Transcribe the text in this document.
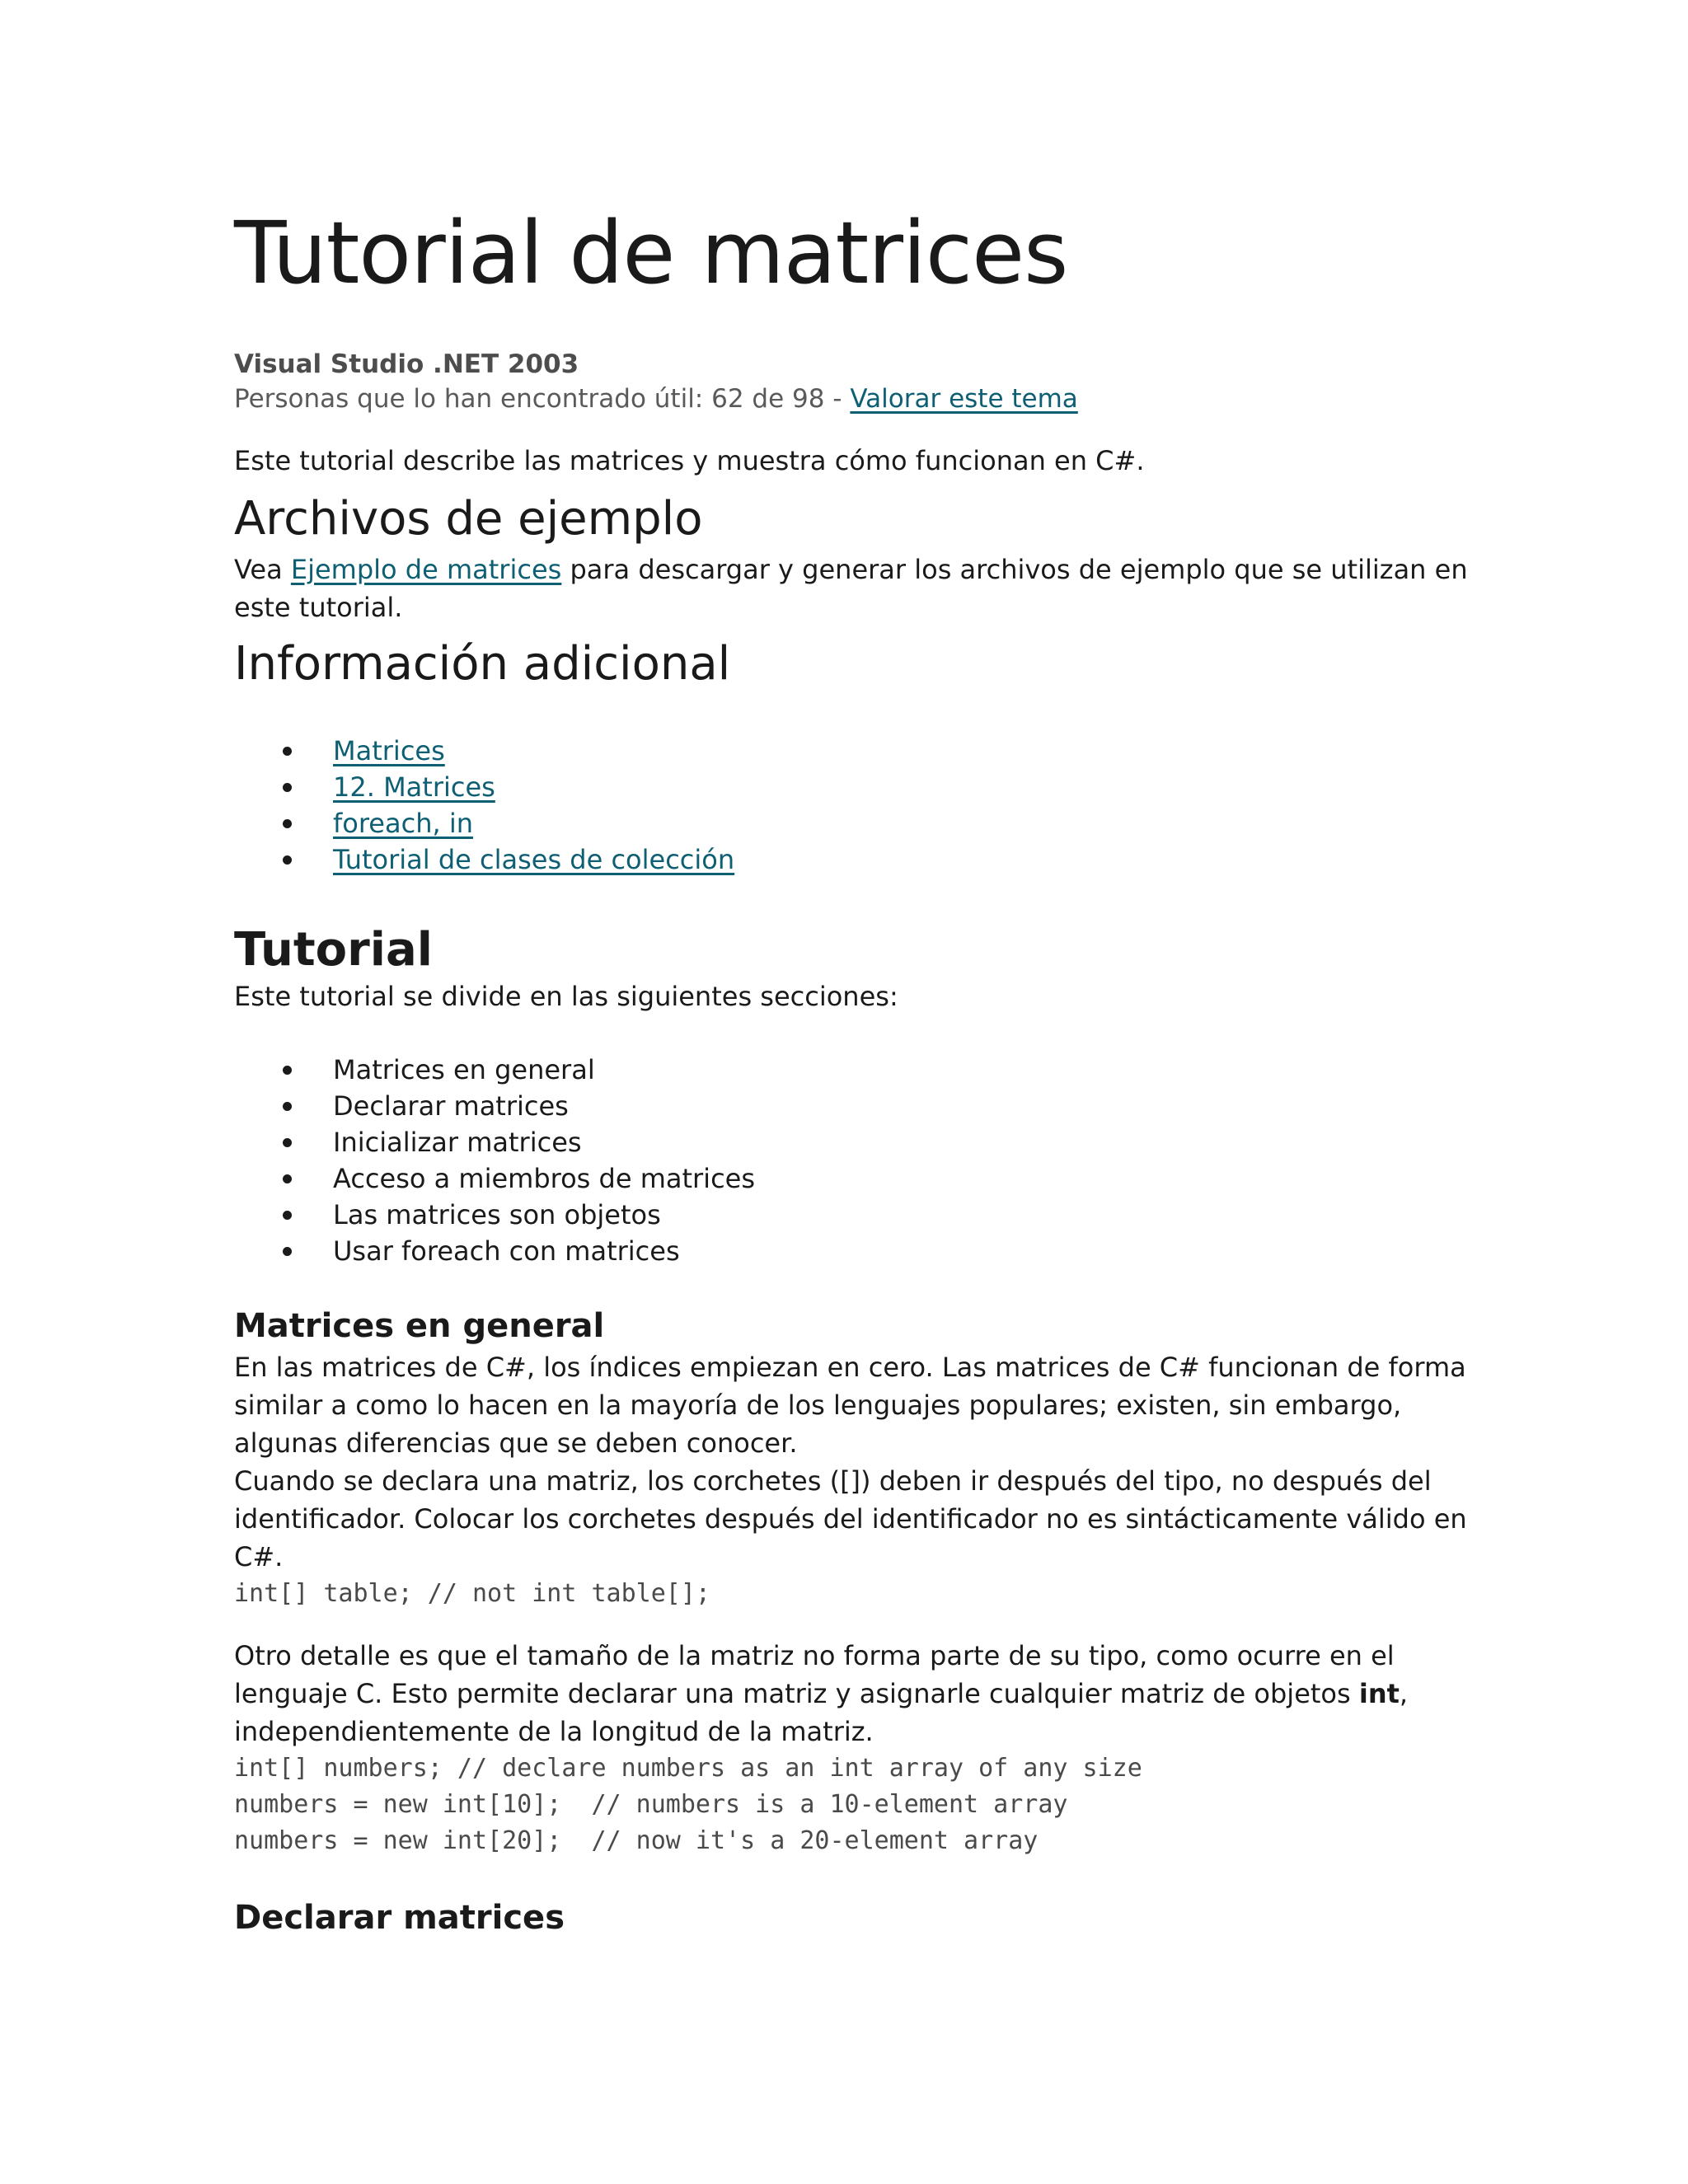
Tutorial de matrices
Visual Studio .NET 2003
Personas que lo han encontrado útil: 62 de 98 - Valorar este tema
Este tutorial describe las matrices y muestra cómo funcionan en C#.
Archivos de ejemplo

Vea Ejemplo de matrices para descargar y generar los archivos de ejemplo que se utilizan en este tutorial.

Información adicional
Matrices
12. Matrices
foreach, in
Tutorial de clases de colección
Tutorial

Este tutorial se divide en las siguientes secciones:

Matrices en general
Declarar matrices
Inicializar matrices
Acceso a miembros de matrices
Las matrices son objetos
Usar foreach con matrices
Matrices en general

En las matrices de C#, los índices empiezan en cero. Las matrices de C# funcionan de forma similar a como lo hacen en la mayoría de los lenguajes populares; existen, sin embargo, algunas diferencias que se deben conocer.

Cuando se declara una matriz, los corchetes ([]) deben ir después del tipo, no después del identificador. Colocar los corchetes después del identificador no es sintácticamente válido en C#.

int[] table; // not int table[];

Otro detalle es que el tamaño de la matriz no forma parte de su tipo, como ocurre en el lenguaje C. Esto permite declarar una matriz y asignarle cualquier matriz de objetos int, independientemente de la longitud de la matriz.

int[] numbers; // declare numbers as an int array of any size
numbers = new int[10];  // numbers is a 10-element array
numbers = new int[20];  // now it's a 20-element array
Declarar matrices
